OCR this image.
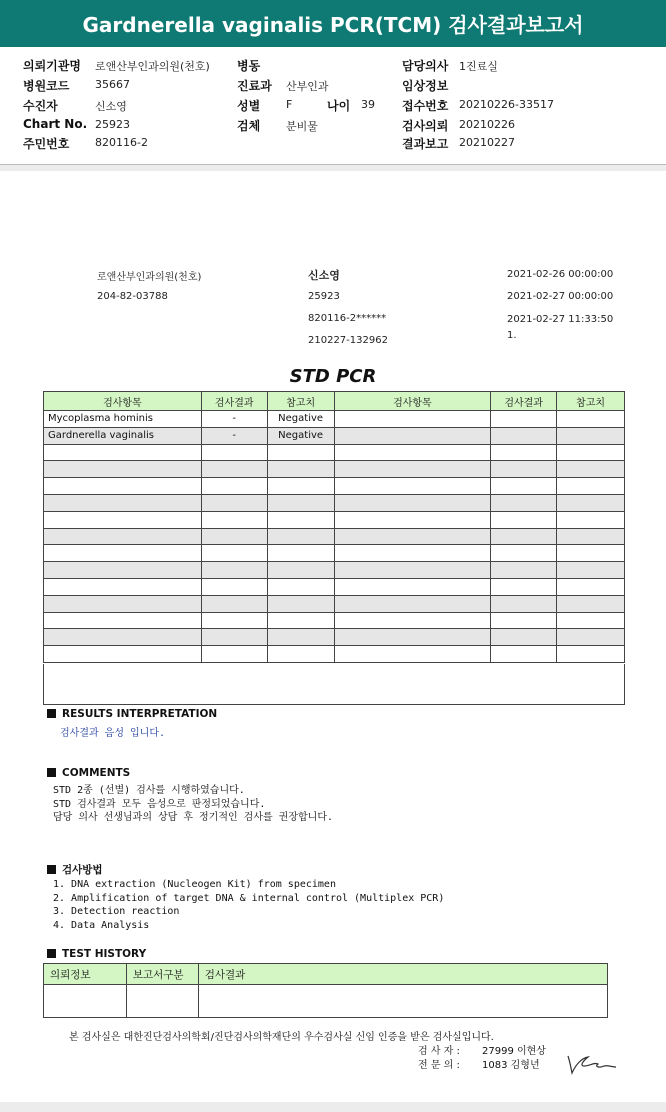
Gardnerella vaginalis PCR(TCM) 검사결과보고서
의뢰기관명 로앤산부인과의원(천호)
병원코드 35667
수진자	신소영
Chart No. 25923
주민번호 820116-2
병동
진료과 산부인과
성별 F	나이 39
검체 분비물
담당의사 1진료실
임상정보
접수번호 20210226-33517
검사의뢰 20210226
결과보고 20210227
로앤산부인과의원(천호)
204-82-03788
신소영
25923
820116-2******
210227-132962
2021-02-26 00:00:00
2021-02-27 00:00:00
2021-02-27 11:33:50
1.
STD PCR
검사항목	검사결과	참고치	검사항목	검사결과	참고치
Mycoplasma hominis	-	Negative			
Gardnerella vaginalis	-	Negative			

RESULTS INTERPRETATION
검사결과 음성 입니다.
COMMENTS
STD 2종 (선별) 검사를 시행하였습니다.
STD 검사결과 모두 음성으로 판정되었습니다.
담당 의사 선생님과의 상담 후 정기적인 검사를 권장합니다.
검사방법
1. DNA extraction (Nucleogen Kit) from specimen
2. Amplification of target DNA & internal control (Multiplex PCR)
3. Detection reaction
4. Data Analysis
TEST HISTORY
의뢰정보	보고서구분	검사결과

본 검사실은 대한진단검사의학회/진단검사의학재단의 우수검사실 신임 인증을 받은 검사실입니다.
검 사 자 : 27999 이현상
전 문 의 : 1083 김형년
